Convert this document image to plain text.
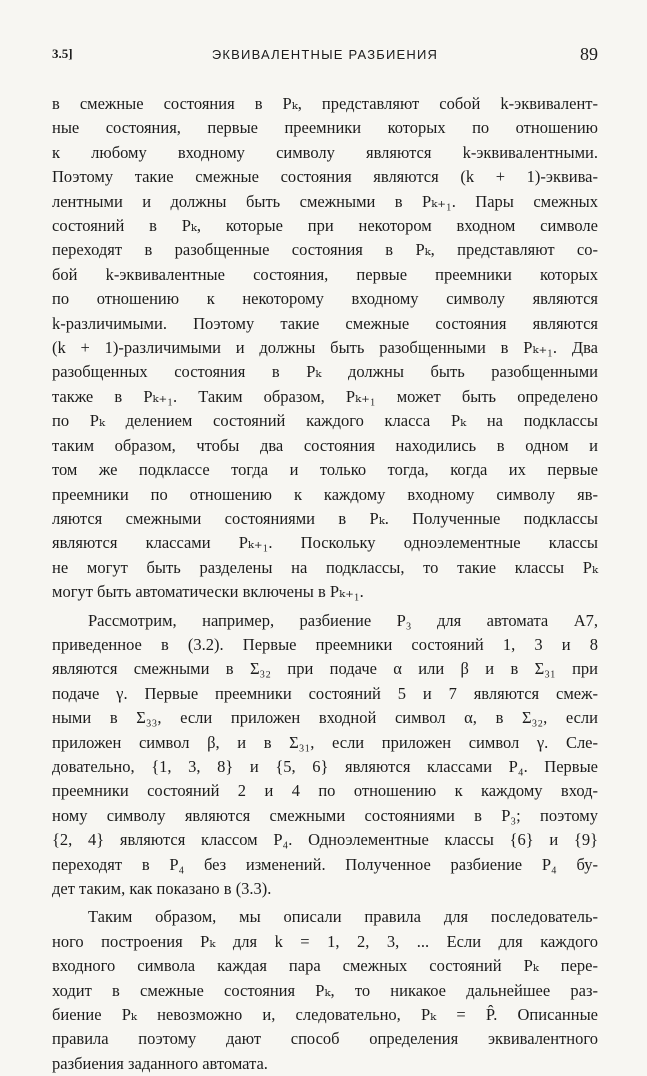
3.5]	ЭКВИВАЛЕНТНЫЕ РАЗБИЕНИЯ	89

в смежные состояния в Pₖ, представляют собой k-эквивалент-

ные состояния, первые преемники которых по отношению

к любому входному символу являются k-эквивалентными.

Поэтому такие смежные состояния являются (k + 1)-эквива-

лентными и должны быть смежными в Pₖ₊₁. Пары смежных

состояний в Pₖ, которые при некотором входном символе

переходят в разобщенные состояния в Pₖ, представляют со-

бой k-эквивалентные состояния, первые преемники которых

по отношению к некоторому входному символу являются

k-различимыми. Поэтому такие смежные состояния являются

(k + 1)-различимыми и должны быть разобщенными в Pₖ₊₁. Два

разобщенных состояния в Pₖ должны быть разобщенными

также в Pₖ₊₁. Таким образом, Pₖ₊₁ может быть определено

по Pₖ делением состояний каждого класса Pₖ на подклассы

таким образом, чтобы два состояния находились в одном и

том же подклассе тогда и только тогда, когда их первые

преемники по отношению к каждому входному символу яв-

ляются смежными состояниями в Pₖ. Полученные подклассы

являются классами Pₖ₊₁. Поскольку одноэлементные классы

не могут быть разделены на подклассы, то такие классы Pₖ

могут быть автоматически включены в Pₖ₊₁.

Рассмотрим, например, разбиение P₃ для автомата A7,

приведенное в (3.2). Первые преемники состояний 1, 3 и 8

являются смежными в Σ₃₂ при подаче α или β и в Σ₃₁ при

подаче γ. Первые преемники состояний 5 и 7 являются смеж-

ными в Σ₃₃, если приложен входной символ α, в Σ₃₂, если

приложен символ β, и в Σ₃₁, если приложен символ γ. Сле-

довательно, {1, 3, 8} и {5, 6} являются классами P₄. Первые

преемники состояний 2 и 4 по отношению к каждому вход-

ному символу являются смежными состояниями в P₃; поэтому

{2, 4} являются классом P₄. Одноэлементные классы {6} и {9}

переходят в P₄ без изменений. Полученное разбиение P₄ бу-

дет таким, как показано в (3.3).

Таким образом, мы описали правила для последователь-

ного построения Pₖ для k = 1, 2, 3, ... Если для каждого

входного символа каждая пара смежных состояний Pₖ пере-

ходит в смежные состояния Pₖ, то никакое дальнейшее раз-

биение Pₖ невозможно и, следовательно, Pₖ = P̂. Описанные

правила поэтому дают способ определения эквивалентного

разбиения заданного автомата.
